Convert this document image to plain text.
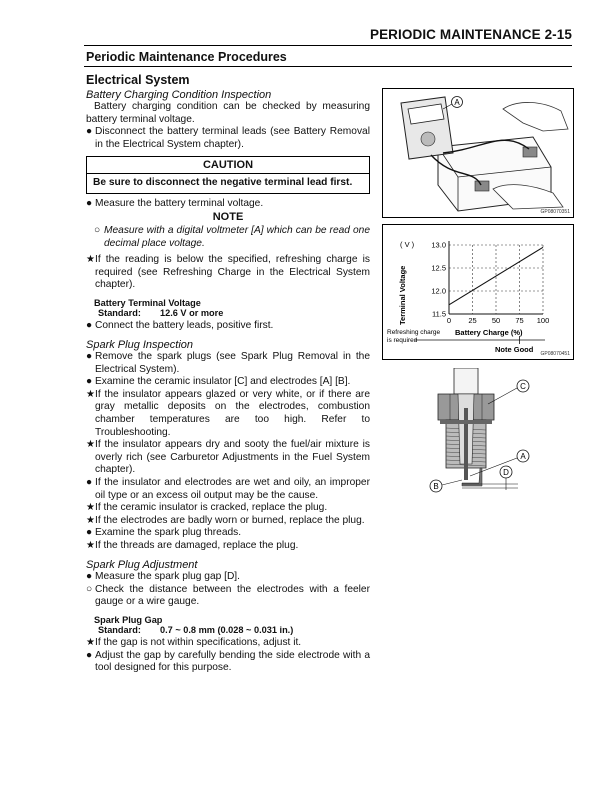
PERIODIC MAINTENANCE 2-15
Periodic Maintenance Procedures
Electrical System
Battery Charging Condition Inspection

Battery charging condition can be checked by measuring battery terminal voltage.

● Disconnect the battery terminal leads (see Battery Removal in the Electrical System chapter).

CAUTION
Be sure to disconnect the negative terminal lead first.

● Measure the battery terminal voltage.

NOTE

○ Measure with a digital voltmeter [A] which can be read one decimal place voltage.

★ If the reading is below the specified, refreshing charge is required (see Refreshing Charge in the Electrical System chapter).

Battery Terminal Voltage
Standard: 12.6 V or more

● Connect the battery leads, positive first.

Spark Plug Inspection

● Remove the spark plugs (see Spark Plug Removal in the Electrical System).

● Examine the ceramic insulator [C] and electrodes [A] [B].

★ If the insulator appears glazed or very white, or if there are gray metallic deposits on the electrodes, combustion chamber temperatures are too high. Refer to Troubleshooting.

★ If the insulator appears dry and sooty the fuel/air mixture is overly rich (see Carburetor Adjustments in the Fuel System chapter).

● If the insulator and electrodes are wet and oily, an improper oil type or an excess oil output may be the cause.

★ If the ceramic insulator is cracked, replace the plug.

★ If the electrodes are badly worn or burned, replace the plug.

● Examine the spark plug threads.

★ If the threads are damaged, replace the plug.

Spark Plug Adjustment

● Measure the spark plug gap [D].

○ Check the distance between the electrodes with a feeler gauge or a wire gauge.

Spark Plug Gap
Standard: 0.7 ~ 0.8 mm (0.028 ~ 0.031 in.)

★ If the gap is not within specifications, adjust it.

● Adjust the gap by carefully bending the side electrode with a tool designed for this purpose.

A
GP08070351
( V )
Terminal Voltage
Battery Charge (%)
Refreshing charge
is required
Note Good
13.0
12.5
12.0
11.5
0 25 50 75 100
GP08070451
C
A
D
B
